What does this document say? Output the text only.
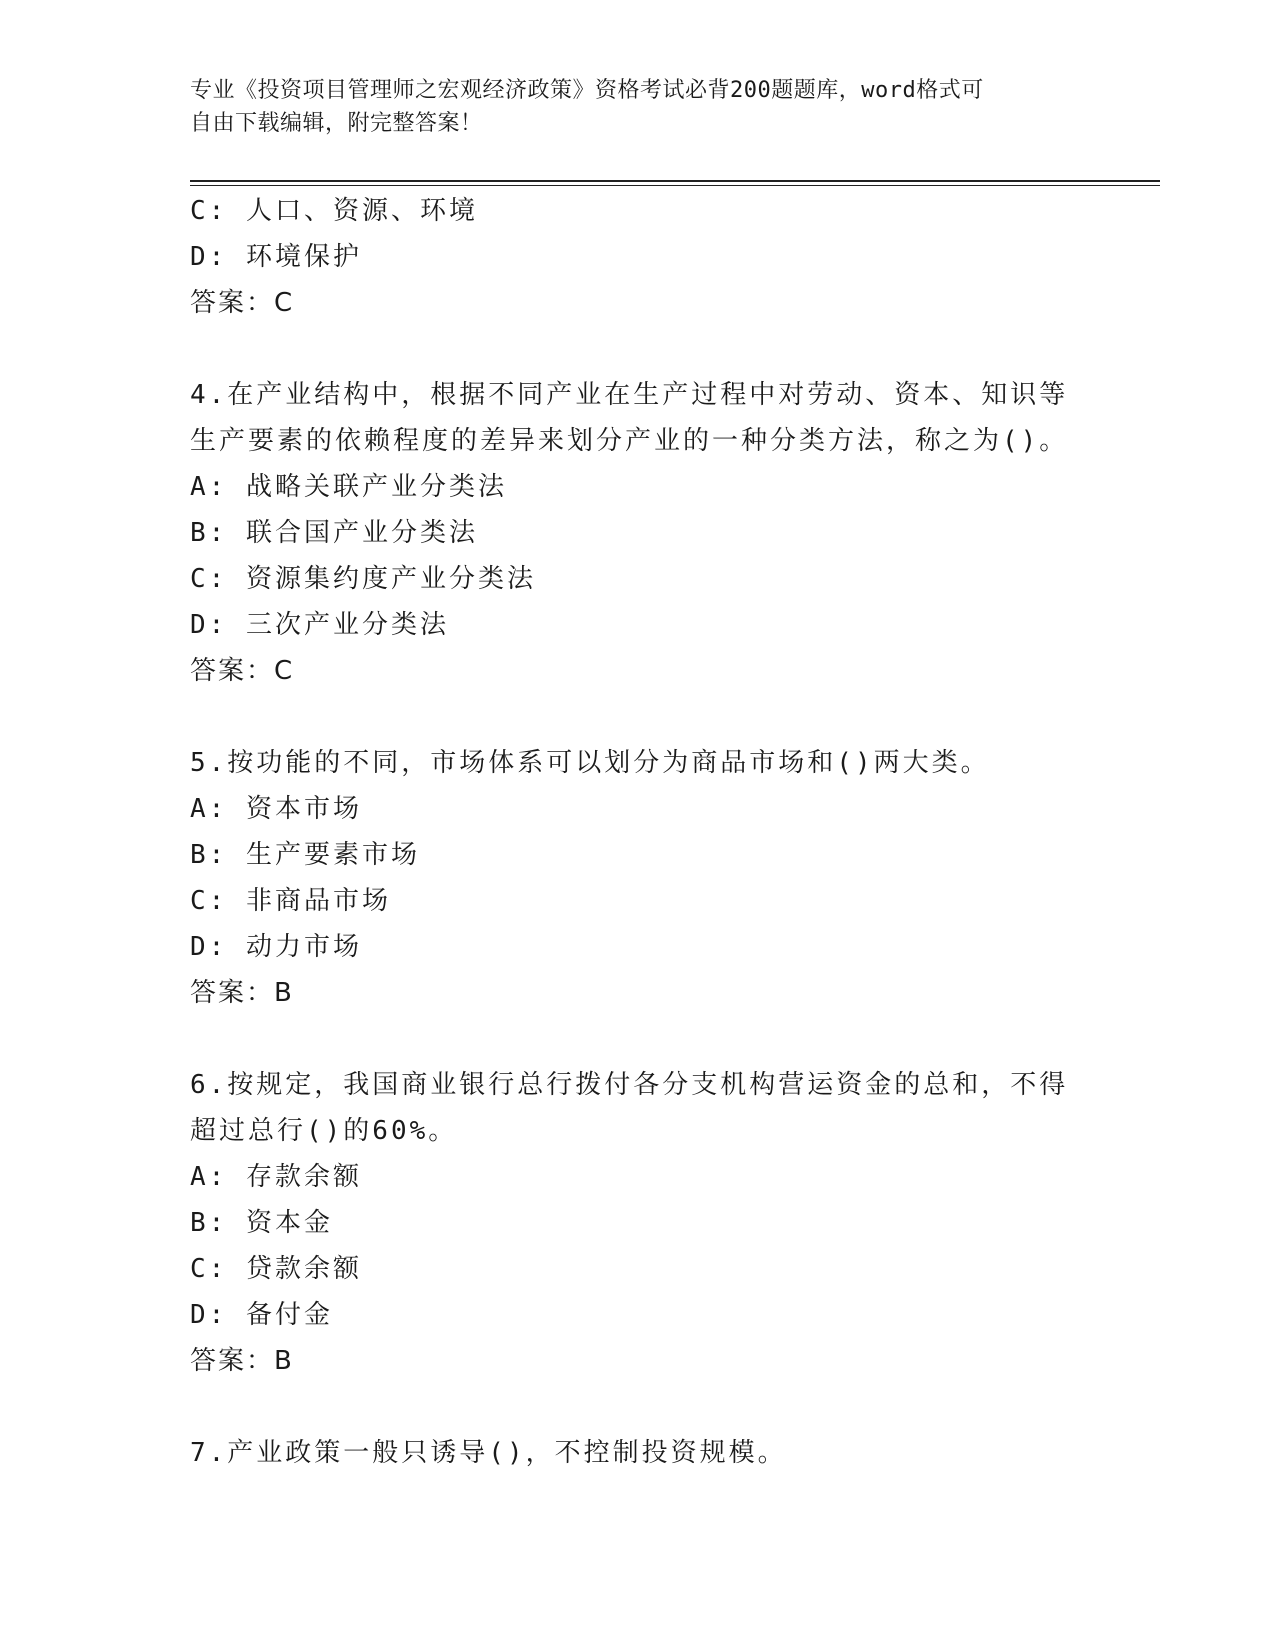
专业《投资项目管理师之宏观经济政策》资格考试必背200题题库，word格式可
自由下载编辑，附完整答案！
C: 人口、资源、环境
D: 环境保护
答案：C
4.在产业结构中，根据不同产业在生产过程中对劳动、资本、知识等
生产要素的依赖程度的差异来划分产业的一种分类方法，称之为()。
A: 战略关联产业分类法
B: 联合国产业分类法
C: 资源集约度产业分类法
D: 三次产业分类法
答案：C
5.按功能的不同，市场体系可以划分为商品市场和()两大类。
A: 资本市场
B: 生产要素市场
C: 非商品市场
D: 动力市场
答案：B
6.按规定，我国商业银行总行拨付各分支机构营运资金的总和，不得
超过总行()的60%。
A: 存款余额
B: 资本金
C: 贷款余额
D: 备付金
答案：B
7.产业政策一般只诱导()，不控制投资规模。
